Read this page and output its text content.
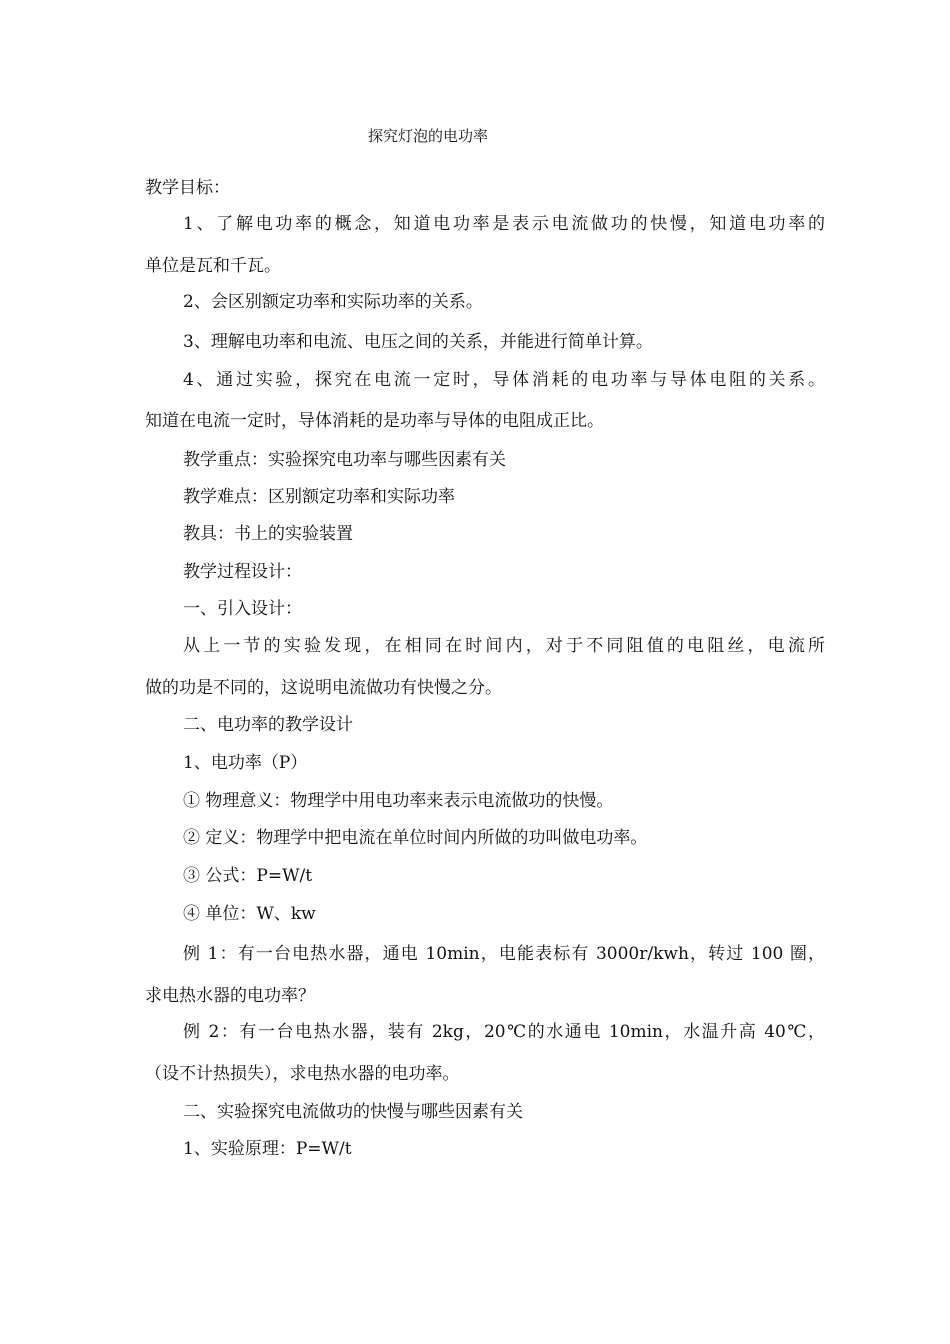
探究灯泡的电功率
教学目标：
1、了解电功率的概念，知道电功率是表示电流做功的快慢，知道电功率的
单位是瓦和千瓦。
2、会区别额定功率和实际功率的关系。
3、理解电功率和电流、电压之间的关系，并能进行简单计算。
4、通过实验，探究在电流一定时，导体消耗的电功率与导体电阻的关系。
知道在电流一定时，导体消耗的是功率与导体的电阻成正比。
教学重点：实验探究电功率与哪些因素有关
教学难点：区别额定功率和实际功率
教具：书上的实验装置
教学过程设计：
一、引入设计：
从上一节的实验发现，在相同在时间内，对于不同阻值的电阻丝，电流所
做的功是不同的，这说明电流做功有快慢之分。
二、电功率的教学设计
1、电功率（P）
① 物理意义：物理学中用电功率来表示电流做功的快慢。
② 定义：物理学中把电流在单位时间内所做的功叫做电功率。
③ 公式：P=W/t
④ 单位：W、kw
例 1：有一台电热水器，通电 10min，电能表标有 3000r/kwh，转过 100 圈，
求电热水器的电功率？
例 2：有一台电热水器，装有 2kg，20℃的水通电 10min，水温升高 40℃，
（设不计热损失），求电热水器的电功率。
二、实验探究电流做功的快慢与哪些因素有关
1、实验原理：P=W/t
